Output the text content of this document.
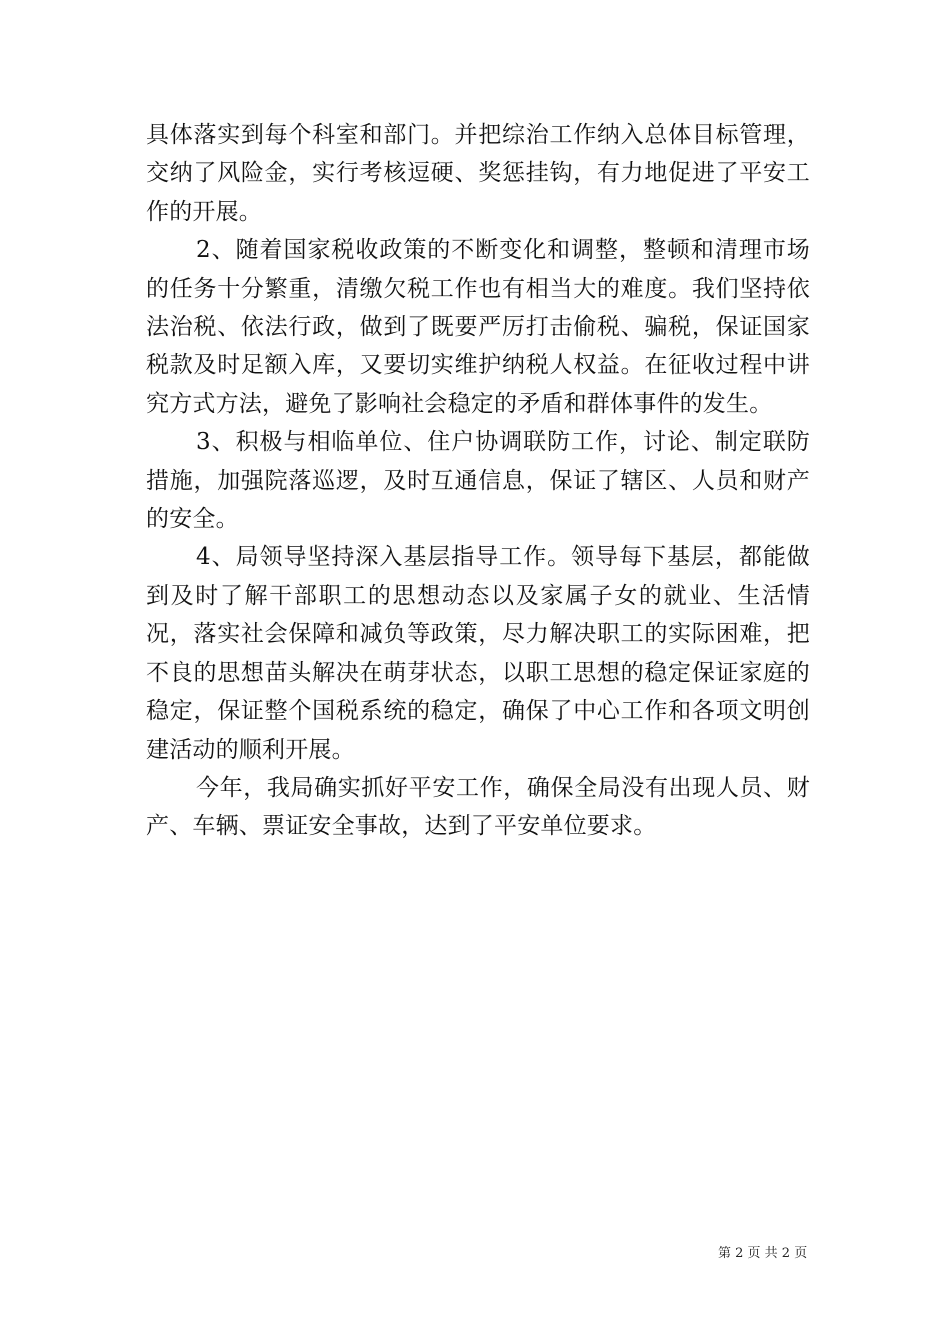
具体落实到每个科室和部门。并把综治工作纳入总体目标管理，交纳了风险金，实行考核逗硬、奖惩挂钩，有力地促进了平安工作的开展。

2、随着国家税收政策的不断变化和调整，整顿和清理市场的任务十分繁重，清缴欠税工作也有相当大的难度。我们坚持依法治税、依法行政，做到了既要严厉打击偷税、骗税，保证国家税款及时足额入库，又要切实维护纳税人权益。在征收过程中讲究方式方法，避免了影响社会稳定的矛盾和群体事件的发生。

3、积极与相临单位、住户协调联防工作，讨论、制定联防措施，加强院落巡逻，及时互通信息，保证了辖区、人员和财产的安全。

4、局领导坚持深入基层指导工作。领导每下基层，都能做到及时了解干部职工的思想动态以及家属子女的就业、生活情况，落实社会保障和减负等政策，尽力解决职工的实际困难，把不良的思想苗头解决在萌芽状态，以职工思想的稳定保证家庭的稳定，保证整个国税系统的稳定，确保了中心工作和各项文明创建活动的顺利开展。

今年，我局确实抓好平安工作，确保全局没有出现人员、财产、车辆、票证安全事故，达到了平安单位要求。

第 2 页 共 2 页
